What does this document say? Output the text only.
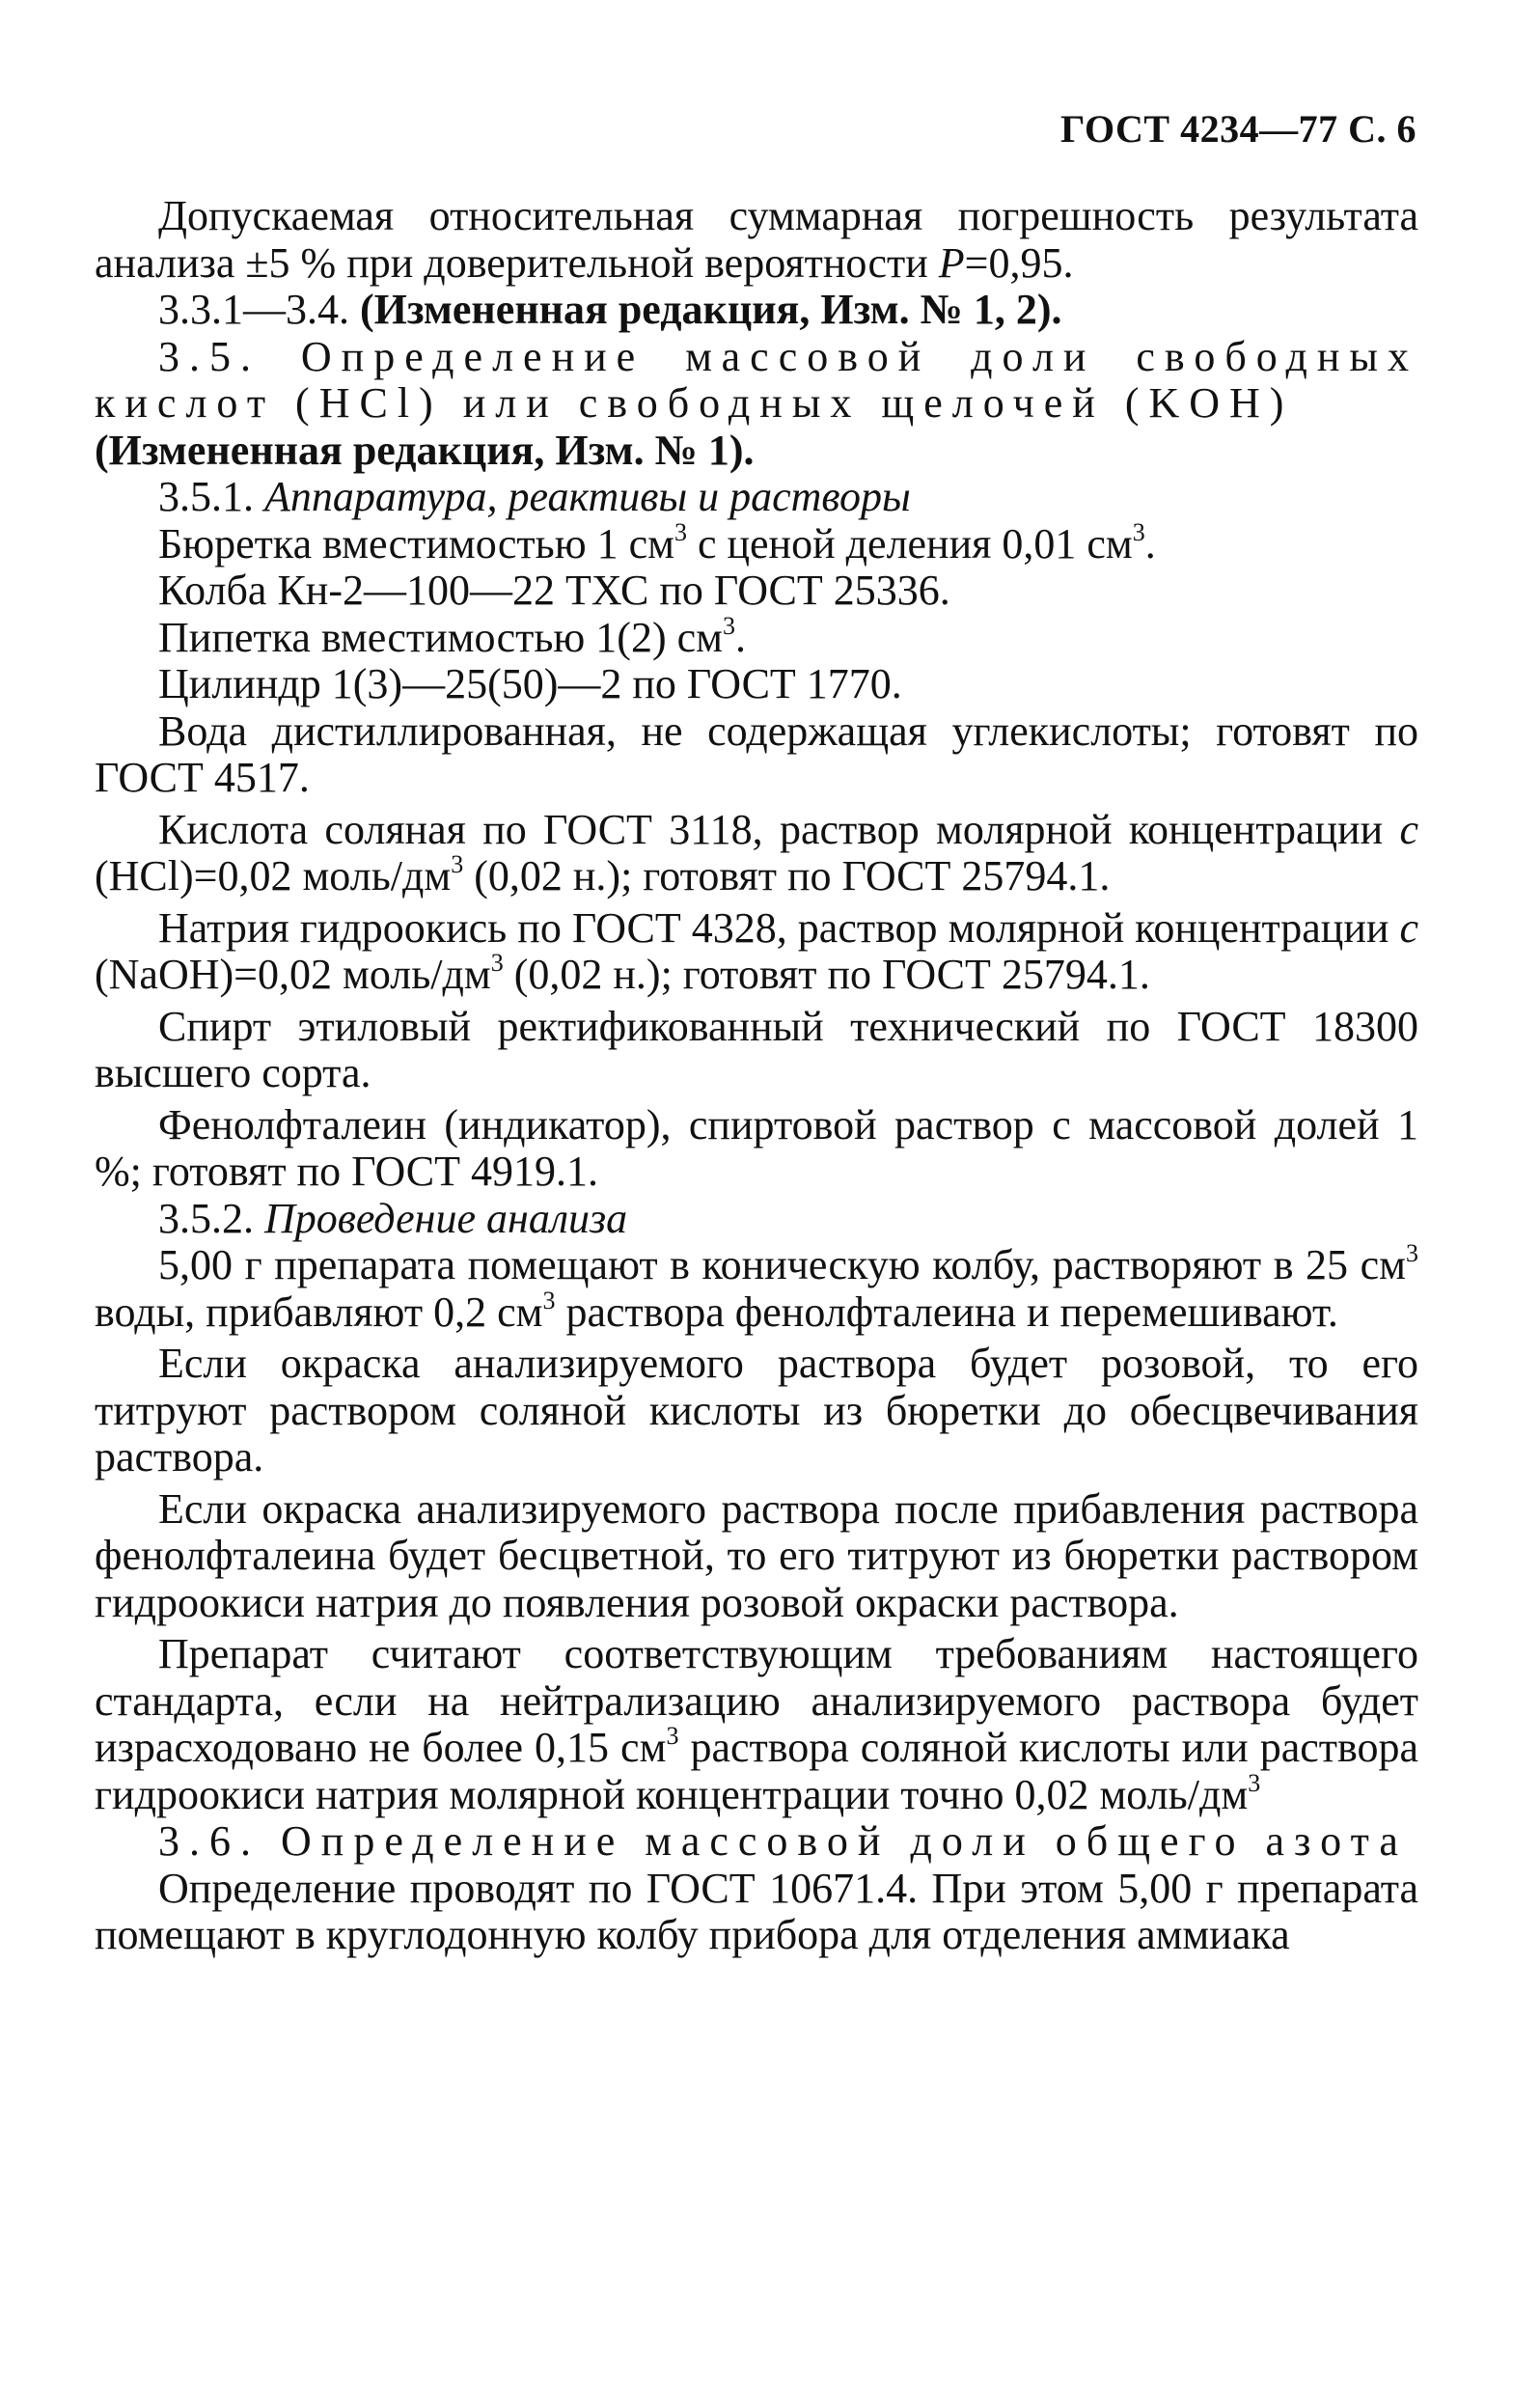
ГОСТ 4234—77 С. 6

Допускаемая относительная суммарная погрешность результата анализа ±5 % при доверительной вероятности P=0,95.

3.3.1—3.4. (Измененная редакция, Изм. № 1, 2).

3.5. Определение массовой доли свободных кислот (HCl) или свободных щелочей (KOH)

(Измененная редакция, Изм. № 1).

3.5.1. Аппаратура, реактивы и растворы

Бюретка вместимостью 1 $см^3$ с ценой деления 0,01 $см^3$.

Колба Кн-2—100—22 ТХС по ГОСТ 25336.

Пипетка вместимостью 1(2) $см^3$.

Цилиндр 1(3)—25(50)—2 по ГОСТ 1770.

Вода дистиллированная, не содержащая углекислоты; готовят по ГОСТ 4517.

Кислота соляная по ГОСТ 3118, раствор молярной концентрации c (HCl)=0,02 моль/$дм^3$ (0,02 н.); готовят по ГОСТ 25794.1.

Натрия гидроокись по ГОСТ 4328, раствор молярной концентрации c (NaOH)=0,02 моль/$дм^3$ (0,02 н.); готовят по ГОСТ 25794.1.

Спирт этиловый ректификованный технический по ГОСТ 18300 высшего сорта.

Фенолфталеин (индикатор), спиртовой раствор с массовой долей 1 %; готовят по ГОСТ 4919.1.

3.5.2. Проведение анализа

5,00 г препарата помещают в коническую колбу, растворяют в 25 $см^3$ воды, прибавляют 0,2 $см^3$ раствора фенолфталеина и перемешивают.

Если окраска анализируемого раствора будет розовой, то его титруют раствором соляной кислоты из бюретки до обесцвечивания раствора.

Если окраска анализируемого раствора после прибавления раствора фенолфталеина будет бесцветной, то его титруют из бюретки раствором гидроокиси натрия до появления розовой окраски раствора.

Препарат считают соответствующим требованиям настоящего стандарта, если на нейтрализацию анализируемого раствора будет израсходовано не более 0,15 $см^3$ раствора соляной кислоты или раствора гидроокиси натрия молярной концентрации точно 0,02 моль/$дм^3$

3.6. Определение массовой доли общего азота

Определение проводят по ГОСТ 10671.4. При этом 5,00 г препарата помещают в круглодонную колбу прибора для отделения аммиака
